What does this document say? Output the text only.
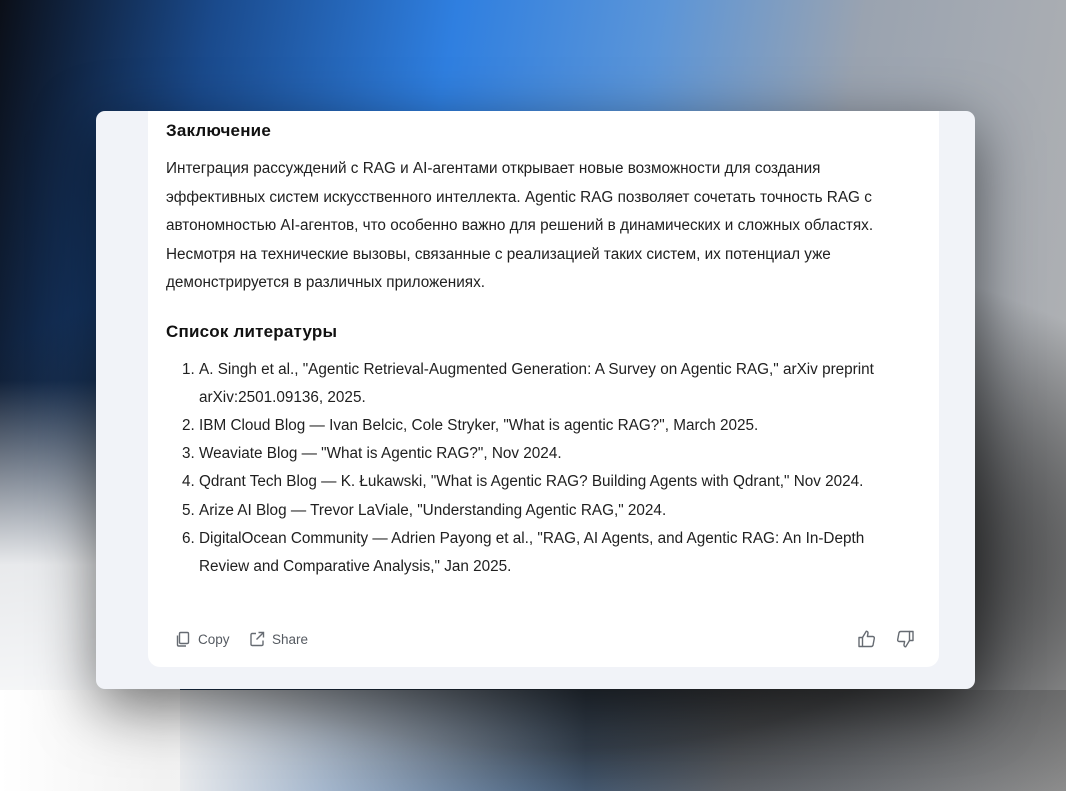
Заключение

Интеграция рассуждений с RAG и AI-агентами открывает новые возможности для создания эффективных систем искусственного интеллекта. Agentic RAG позволяет сочетать точность RAG с автономностью AI-агентов, что особенно важно для решений в динамических и сложных областях. Несмотря на технические вызовы, связанные с реализацией таких систем, их потенциал уже демонстрируется в различных приложениях.

Список литературы
1. A. Singh et al., "Agentic Retrieval-Augmented Generation: A Survey on Agentic RAG," arXiv preprint arXiv:2501.09136, 2025.
2. IBM Cloud Blog — Ivan Belcic, Cole Stryker, "What is agentic RAG?", March 2025.
3. Weaviate Blog — "What is Agentic RAG?", Nov 2024.
4. Qdrant Tech Blog — K. Łukawski, "What is Agentic RAG? Building Agents with Qdrant," Nov 2024.
5. Arize AI Blog — Trevor LaViale, "Understanding Agentic RAG," 2024.
6. DigitalOcean Community — Adrien Payong et al., "RAG, AI Agents, and Agentic RAG: An In-Depth Review and Comparative Analysis," Jan 2025.
Copy	Share
